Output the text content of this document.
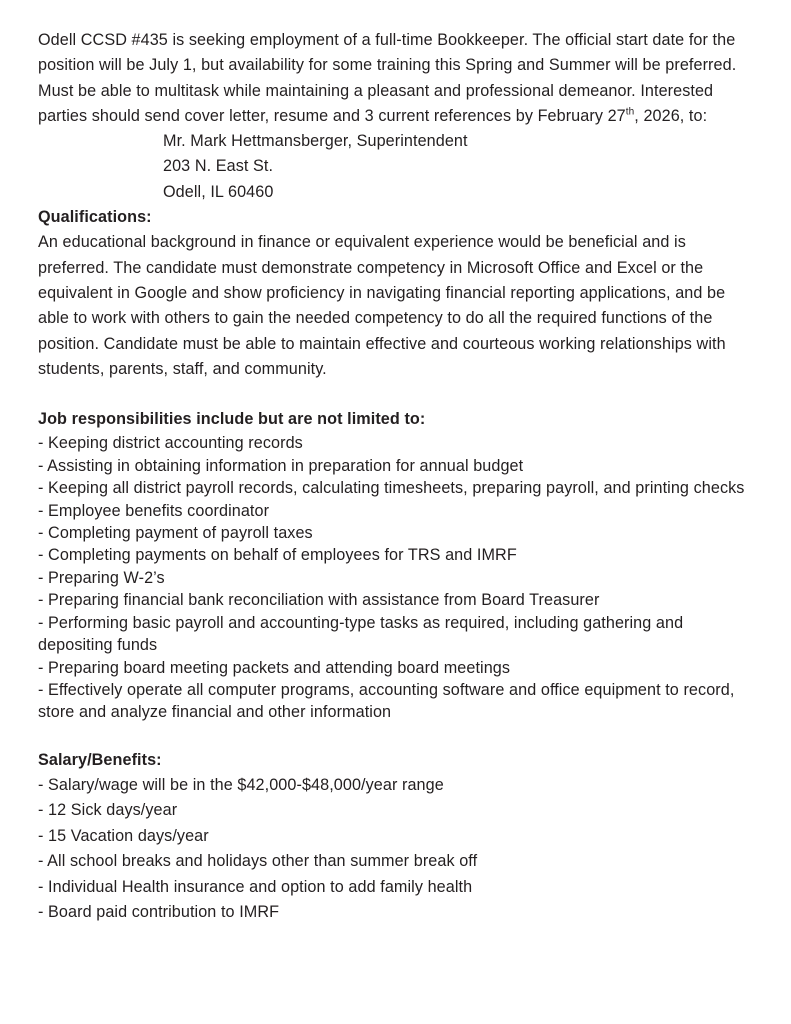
Odell CCSD #435 is seeking employment of a full-time Bookkeeper. The official start date for the position will be July 1, but availability for some training this Spring and Summer will be preferred. Must be able to multitask while maintaining a pleasant and professional demeanor. Interested parties should send cover letter, resume and 3 current references by February 27th, 2026, to:

Mr. Mark Hettmansberger, Superintendent

203 N. East St.

Odell, IL 60460

Qualifications:

An educational background in finance or equivalent experience would be beneficial and is preferred. The candidate must demonstrate competency in Microsoft Office and Excel or the equivalent in Google and show proficiency in navigating financial reporting applications, and be able to work with others to gain the needed competency to do all the required functions of the position. Candidate must be able to maintain effective and courteous working relationships with students, parents, staff, and community.

Job responsibilities include but are not limited to:

- Keeping district accounting records

- Assisting in obtaining information in preparation for annual budget

- Keeping all district payroll records, calculating timesheets, preparing payroll, and printing checks

- Employee benefits coordinator

- Completing payment of payroll taxes

- Completing payments on behalf of employees for TRS and IMRF

- Preparing W-2’s

- Preparing financial bank reconciliation with assistance from Board Treasurer

- Performing basic payroll and accounting-type tasks as required, including gathering and depositing funds

- Preparing board meeting packets and attending board meetings

- Effectively operate all computer programs, accounting software and office equipment to record, store and analyze financial and other information

Salary/Benefits:

- Salary/wage will be in the $42,000-$48,000/year range

- 12 Sick days/year

- 15 Vacation days/year

- All school breaks and holidays other than summer break off

- Individual Health insurance and option to add family health

- Board paid contribution to IMRF
